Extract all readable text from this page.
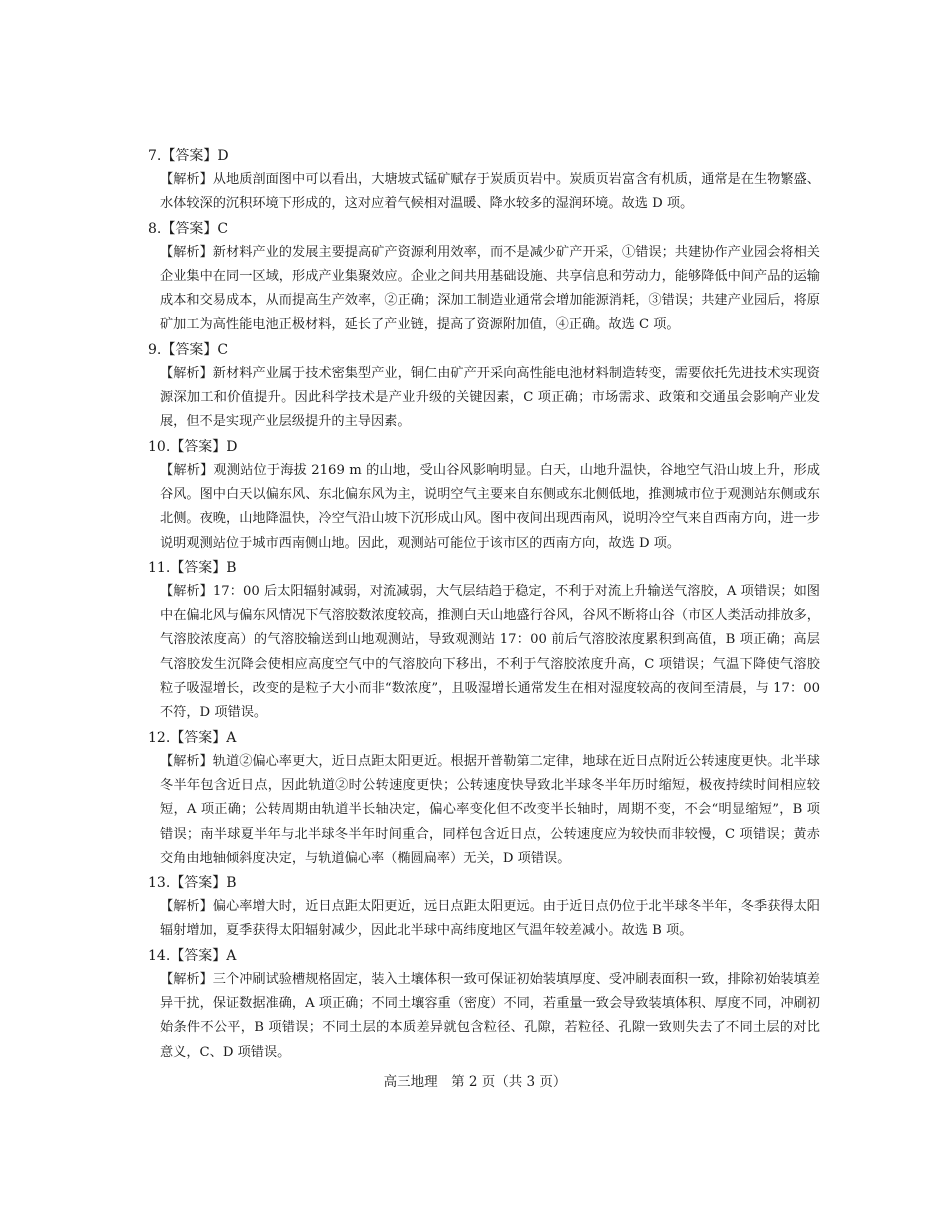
7.【答案】D
【解析】从地质剖面图中可以看出，大塘坡式锰矿赋存于炭质页岩中。炭质页岩富含有机质，通常是在生物繁盛、水体较深的沉积环境下形成的，这对应着气候相对温暖、降水较多的湿润环境。故选 D 项。
8.【答案】C
【解析】新材料产业的发展主要提高矿产资源利用效率，而不是减少矿产开采，①错误；共建协作产业园会将相关企业集中在同一区域，形成产业集聚效应。企业之间共用基础设施、共享信息和劳动力，能够降低中间产品的运输成本和交易成本，从而提高生产效率，②正确；深加工制造业通常会增加能源消耗，③错误；共建产业园后，将原矿加工为高性能电池正极材料，延长了产业链，提高了资源附加值，④正确。故选 C 项。
9.【答案】C
【解析】新材料产业属于技术密集型产业，铜仁由矿产开采向高性能电池材料制造转变，需要依托先进技术实现资源深加工和价值提升。因此科学技术是产业升级的关键因素，C 项正确；市场需求、政策和交通虽会影响产业发展，但不是实现产业层级提升的主导因素。
10.【答案】D
【解析】观测站位于海拔 2169 m 的山地，受山谷风影响明显。白天，山地升温快，谷地空气沿山坡上升，形成谷风。图中白天以偏东风、东北偏东风为主，说明空气主要来自东侧或东北侧低地，推测城市位于观测站东侧或东北侧。夜晚，山地降温快，冷空气沿山坡下沉形成山风。图中夜间出现西南风，说明冷空气来自西南方向，进一步说明观测站位于城市西南侧山地。因此，观测站可能位于该市区的西南方向，故选 D 项。
11.【答案】B
【解析】17：00 后太阳辐射减弱，对流减弱，大气层结趋于稳定，不利于对流上升输送气溶胶，A 项错误；如图中在偏北风与偏东风情况下气溶胶数浓度较高，推测白天山地盛行谷风，谷风不断将山谷（市区人类活动排放多，气溶胶浓度高）的气溶胶输送到山地观测站，导致观测站 17：00 前后气溶胶浓度累积到高值，B 项正确；高层气溶胶发生沉降会使相应高度空气中的气溶胶向下移出，不利于气溶胶浓度升高，C 项错误；气温下降使气溶胶粒子吸湿增长，改变的是粒子大小而非“数浓度”，且吸湿增长通常发生在相对湿度较高的夜间至清晨，与 17：00 不符，D 项错误。
12.【答案】A
【解析】轨道②偏心率更大，近日点距太阳更近。根据开普勒第二定律，地球在近日点附近公转速度更快。北半球冬半年包含近日点，因此轨道②时公转速度更快；公转速度快导致北半球冬半年历时缩短，极夜持续时间相应较短，A 项正确；公转周期由轨道半长轴决定，偏心率变化但不改变半长轴时，周期不变，不会“明显缩短”，B 项错误；南半球夏半年与北半球冬半年时间重合，同样包含近日点，公转速度应为较快而非较慢，C 项错误；黄赤交角由地轴倾斜度决定，与轨道偏心率（椭圆扁率）无关，D 项错误。
13.【答案】B
【解析】偏心率增大时，近日点距太阳更近，远日点距太阳更远。由于近日点仍位于北半球冬半年，冬季获得太阳辐射增加，夏季获得太阳辐射减少，因此北半球中高纬度地区气温年较差减小。故选 B 项。
14.【答案】A
【解析】三个冲刷试验槽规格固定，装入土壤体积一致可保证初始装填厚度、受冲刷表面积一致，排除初始装填差异干扰，保证数据准确，A 项正确；不同土壤容重（密度）不同，若重量一致会导致装填体积、厚度不同，冲刷初始条件不公平，B 项错误；不同土层的本质差异就包含粒径、孔隙，若粒径、孔隙一致则失去了不同土层的对比意义，C、D 项错误。
高三地理　第 2 页（共 3 页）
